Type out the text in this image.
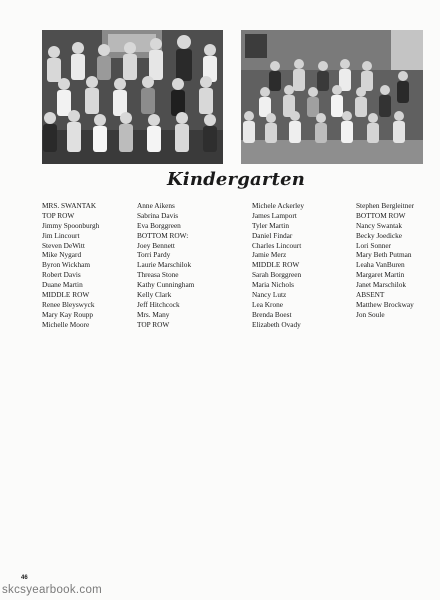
Kindergarten
MRS. SWANTAK
TOP ROW
Jimmy Spoonburgh
Jim Lincourt
Steven DeWitt
Mike Nygard
Byron Wickham
Robert Davis
Duane Martin
MIDDLE ROW
Renee Bleyswyck
Mary Kay Roupp
Michelle Moore
Anne Aikens
Sabrina Davis
Eva Borggreen
BOTTOM ROW:
Joey Bennett
Torri Pardy
Laurie Marschilok
Threasa Stone
Kathy Cunningham
Kelly Clark
Jeff Hitchcock
Mrs. Many
TOP ROW
Michele Ackerley
James Lamport
Tyler Martin
Daniel Findar
Charles Lincourt
Jamie Merz
MIDDLE ROW
Sarah Borggreen
Maria Nichols
Nancy Lutz
Lea Krone
Brenda Boest
Elizabeth Ovady
Stephen Bergleitner
BOTTOM ROW
Nancy Swantak
Becky Joedicke
Lori Sonner
Mary Beth Putman
Leaha VanBuren
Margaret Martin
Janet Marschilok
ABSENT
Matthew Brockway
Jon Soule
46
skcsyearbook.com
